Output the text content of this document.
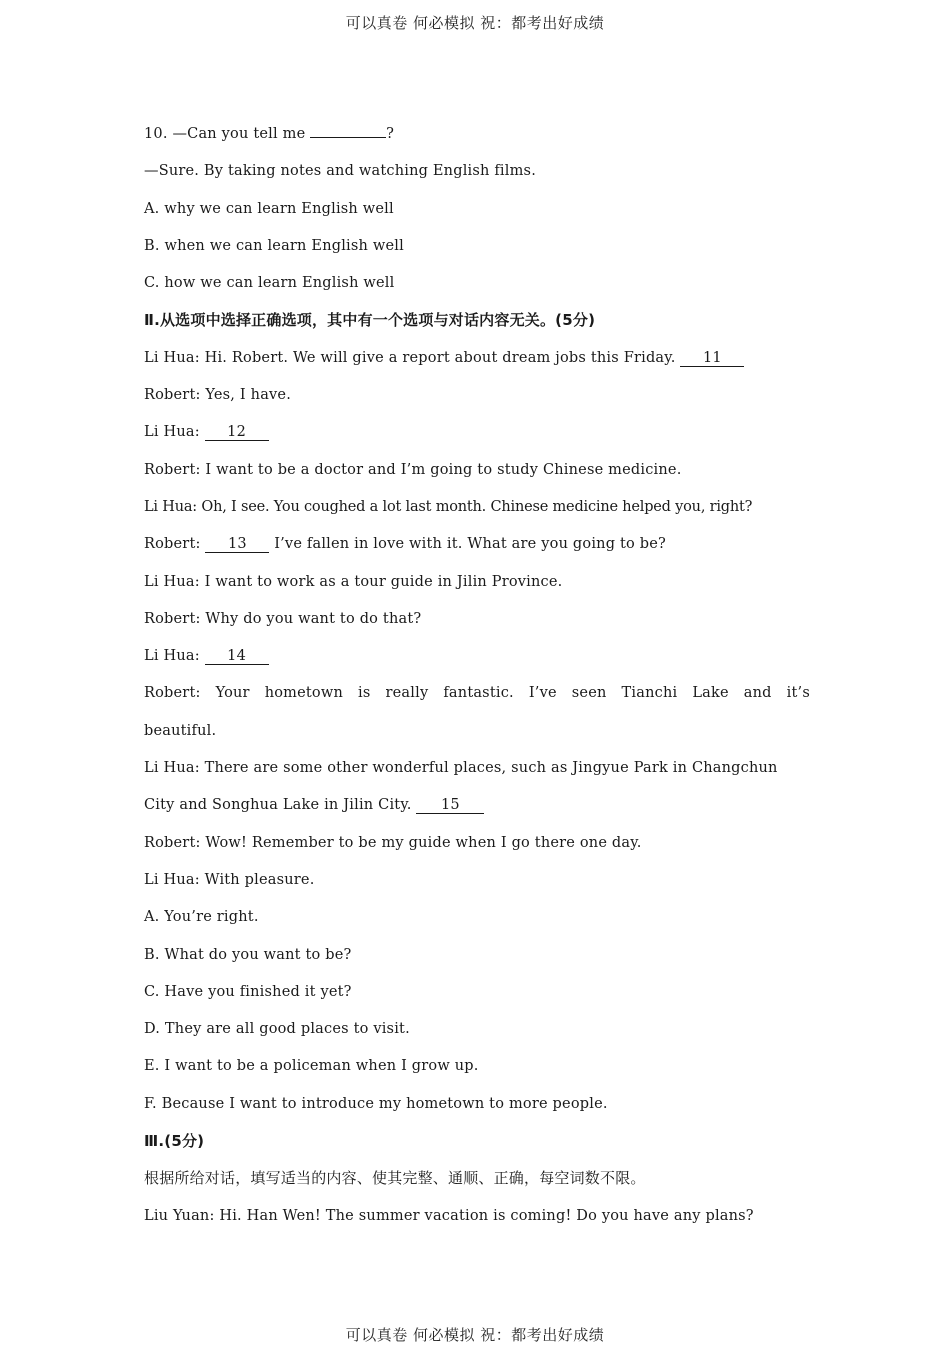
可以真卷 何必模拟 祝：都考出好成绩
10. —Can you tell me	?
—Sure. By taking notes and watching English films.
A. why we can learn English well
B. when we can learn English well
C. how we can learn English well
Ⅱ.从选项中选择正确选项，其中有一个选项与对话内容无关。(5分)
Li Hua: Hi. Robert. We will give a report about dream jobs this Friday. 11
Robert: Yes, I have.
Li Hua: 12
Robert: I want to be a doctor and I’m going to study Chinese medicine.
Li Hua: Oh, I see. You coughed a lot last month. Chinese medicine helped you, right?
Robert: 13 I’ve fallen in love with it. What are you going to be?
Li Hua: I want to work as a tour guide in Jilin Province.
Robert: Why do you want to do that?
Li Hua: 14
Robert: Your hometown is really fantastic. I’ve seen Tianchi Lake and it’s beautiful.
Li Hua: There are some other wonderful places, such as Jingyue Park in Changchun City and Songhua Lake in Jilin City. 15
Robert: Wow! Remember to be my guide when I go there one day.
Li Hua: With pleasure.
A. You’re right.
B. What do you want to be?
C. Have you finished it yet?
D. They are all good places to visit.
E. I want to be a policeman when I grow up.
F. Because I want to introduce my hometown to more people.
Ⅲ.(5分)
根据所给对话，填写适当的内容、使其完整、通顺、正确，每空词数不限。
Liu Yuan: Hi. Han Wen! The summer vacation is coming! Do you have any plans?
可以真卷 何必模拟 祝：都考出好成绩
